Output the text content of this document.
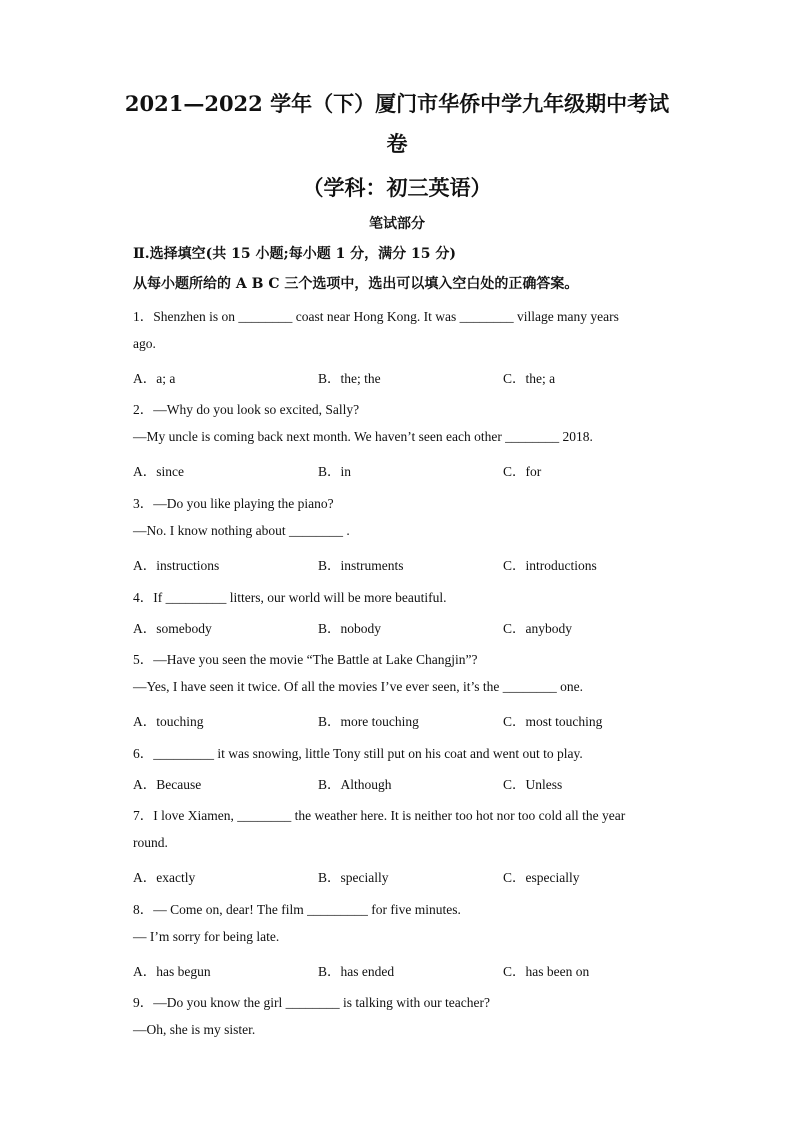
2021—2022 学年（下）厦门市华侨中学九年级期中考试
卷
（学科：初三英语）
笔试部分
Ⅱ.选择填空(共 15 小题;每小题 1 分，满分 15 分)
从每小题所给的 A B C 三个选项中，选出可以填入空白处的正确答案。
1．Shenzhen is on ________ coast near Hong Kong. It was ________ village many years
ago.
A．a; a	B．the; the	C．the; a
2．—Why do you look so excited, Sally?
—My uncle is coming back next month. We haven’t seen each other ________ 2018.
A．since	B．in	C．for
3．—Do you like playing the piano?
—No. I know nothing about ________ .
A．instructions	B．instruments	C．introductions
4．If _________ litters, our world will be more beautiful.
A．somebody	B．nobody	C．anybody
5．—Have you seen the movie “The Battle at Lake Changjin”?
—Yes, I have seen it twice. Of all the movies I’ve ever seen, it’s the ________ one.
A．touching	B．more touching	C．most touching
6．_________ it was snowing, little Tony still put on his coat and went out to play.
A．Because	B．Although	C．Unless
7．I love Xiamen, ________ the weather here. It is neither too hot nor too cold all the year
round.
A．exactly	B．specially	C．especially
8．— Come on, dear! The film _________ for five minutes.
— I’m sorry for being late.
A．has begun	B．has ended	C．has been on
9．—Do you know the girl ________ is talking with our teacher?
—Oh, she is my sister.
